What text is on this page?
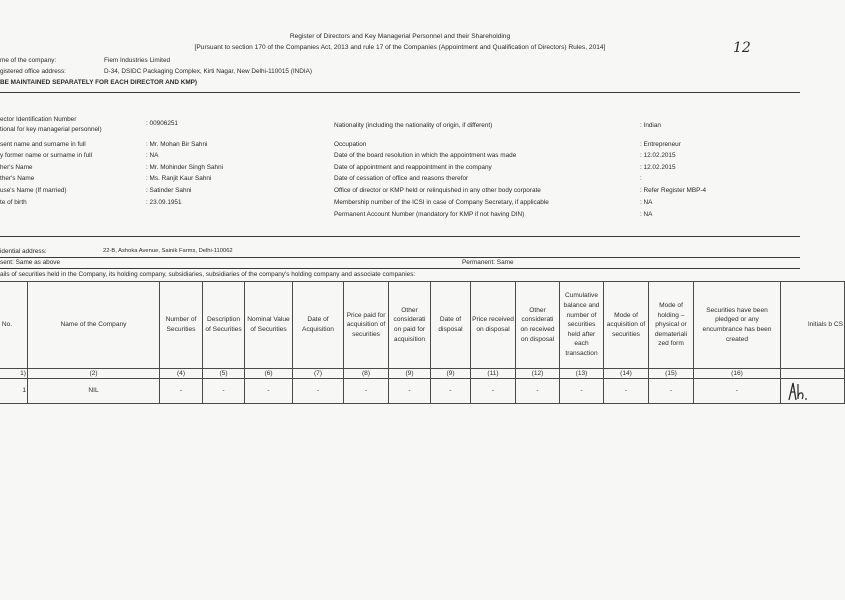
Register of Directors and Key Managerial Personnel and their Shareholding
[Pursuant to section 170 of the Companies Act, 2013 and rule 17 of the Companies (Appointment and Qualification of Directors) Rules, 2014]	12
me of the company:	Fiem Industries Limited
gistered office address:	D-34, DSIDC Packaging Complex, Kirti Nagar, New Delhi-110015 (INDIA)
BE MAINTAINED SEPARATELY FOR EACH DIRECTOR AND KMP)
ector Identification Number
tional for key managerial personnel)
: 00906251
sent name and surname in full	: Mr. Mohan Bir Sahni
y former name or surname in full	: NA
her's Name	: Mr. Mohinder Singh Sahni
ther's Name	: Ms. Ranjit Kaur Sahni
use's Name (If married)	: Satinder Sahni
te of birth	: 23.09.1951
Nationality (including the nationality of origin, if different)	: Indian
Occupation	: Entrepreneur
Date of the board resolution in which the appointment was made	: 12.02.2015
Date of appointment and reappointment in the company	: 12.02.2015
Date of cessation of office and reasons therefor	:
Office of director or KMP held or relinquished in any other body corporate	: Refer Register MBP-4
Membership number of the ICSI in case of Company Secretary, if applicable	: NA
Permanent Account Number (mandatory for KMP if not having DIN)	: NA
idential address:	22-B, Ashoka Avenue, Sainik Farms, Delhi-110062
sent: Same as above	Permanent: Same
ails of securities held in the Company, its holding company, subsidiaries, subsidiaries of the company's holding company and associate companies:
No.	Name of the Company	Number of Securities	Description of Securities	Nominal Value of Securities	Date of Acquisition	Price paid for acquisition of securities	Other considerati on paid for acquisition	Date of disposal	Price received on disposal	Other considerati on received on disposal	Cumulative balance and number of securities held after each transaction	Mode of acquisition of securities	Mode of holding – physical or demateriali zed form	Securities have been pledged or any encumbrance has been created	Initials b CS
1)	(2)	(4)	(5)	(6)	(7)	(8)	(9)	(9)	(11)	(12)	(13)	(14)	(15)	(16)	
1	NIL	-	-	-	-	-	-	-	-	-	-	-	-	-	
